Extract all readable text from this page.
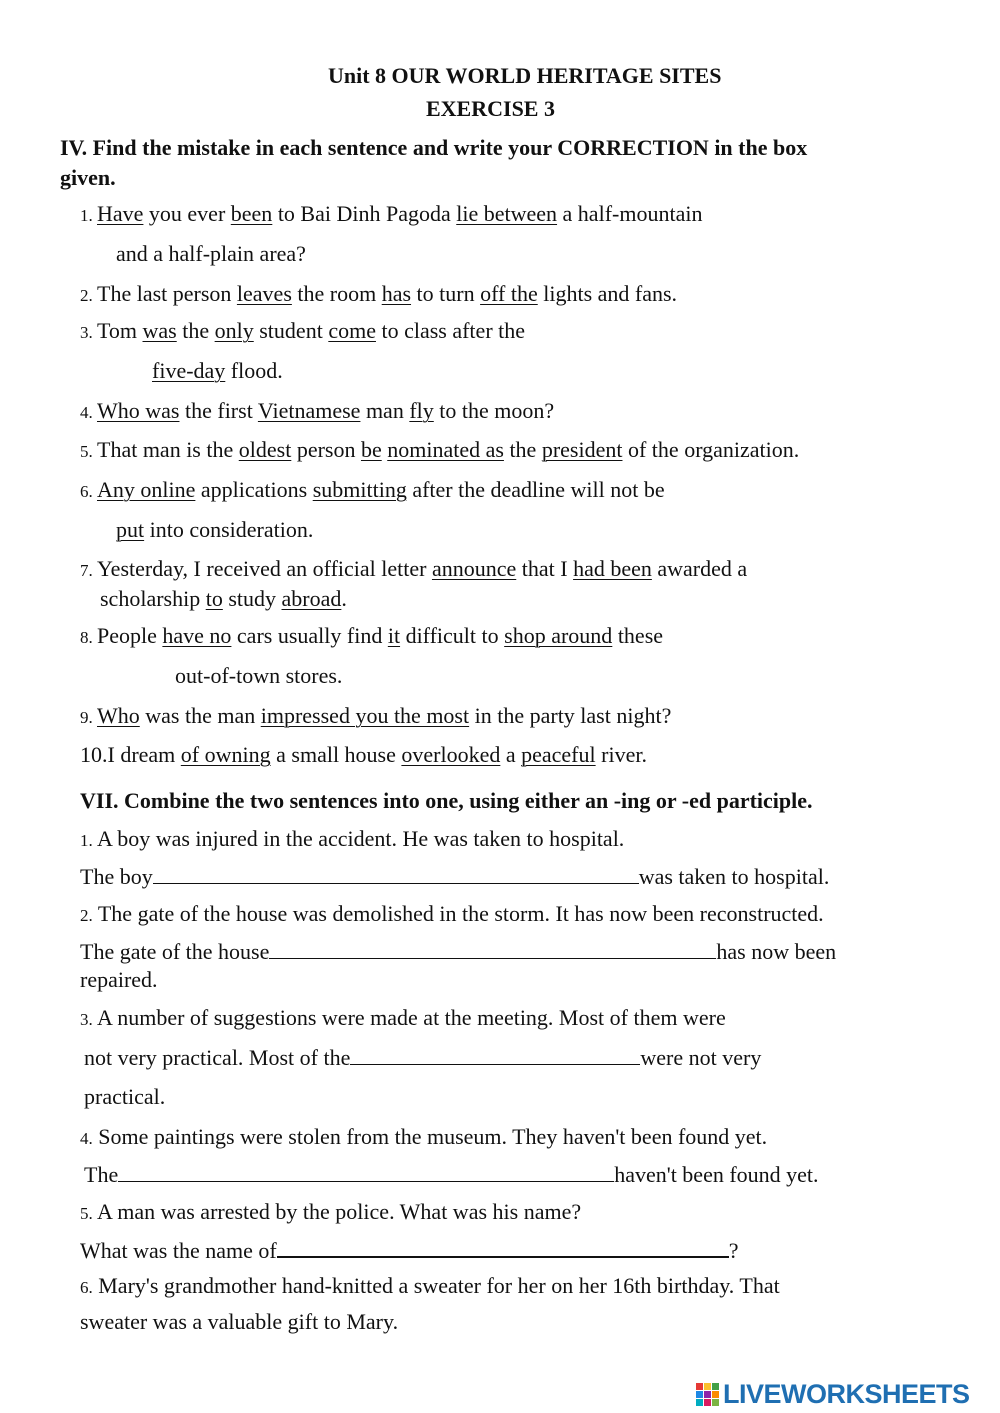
Unit 8 OUR WORLD HERITAGE SITES
EXERCISE 3
IV. Find the mistake in each sentence and write your CORRECTION in the box
given.
1. Have you ever been to Bai Dinh Pagoda lie between a half-mountain
and a half-plain area?
2. The last person leaves the room has to turn off the lights and fans.
3. Tom was the only student come to class after the
five-day flood.
4. Who was the first Vietnamese man fly to the moon?
5. That man is the oldest person be nominated as the president of the organization.
6. Any online applications submitting after the deadline will not be
put into consideration.
7. Yesterday, I received an official letter announce that I had been awarded a
scholarship to study abroad.
8. People have no cars usually find it difficult to shop around these
out-of-town stores.
9. Who was the man impressed you the most in the party last night?
10.I dream of owning a small house overlooked a peaceful river.
VII. Combine the two sentences into one, using either an -ing or -ed participle.
1. A boy was injured in the accident. He was taken to hospital.
The boy	was taken to hospital.
2. The gate of the house was demolished in the storm. It has now been reconstructed.
The gate of the house	has now been
repaired.
3. A number of suggestions were made at the meeting. Most of them were
not very practical. Most of the	were not very
practical.
4. Some paintings were stolen from the museum. They haven't been found yet.
The	haven't been found yet.
5. A man was arrested by the police. What was his name?
What was the name of	?
6. Mary's grandmother hand-knitted a sweater for her on her 16th birthday. That
sweater was a valuable gift to Mary.
LIVEWORKSHEETS
